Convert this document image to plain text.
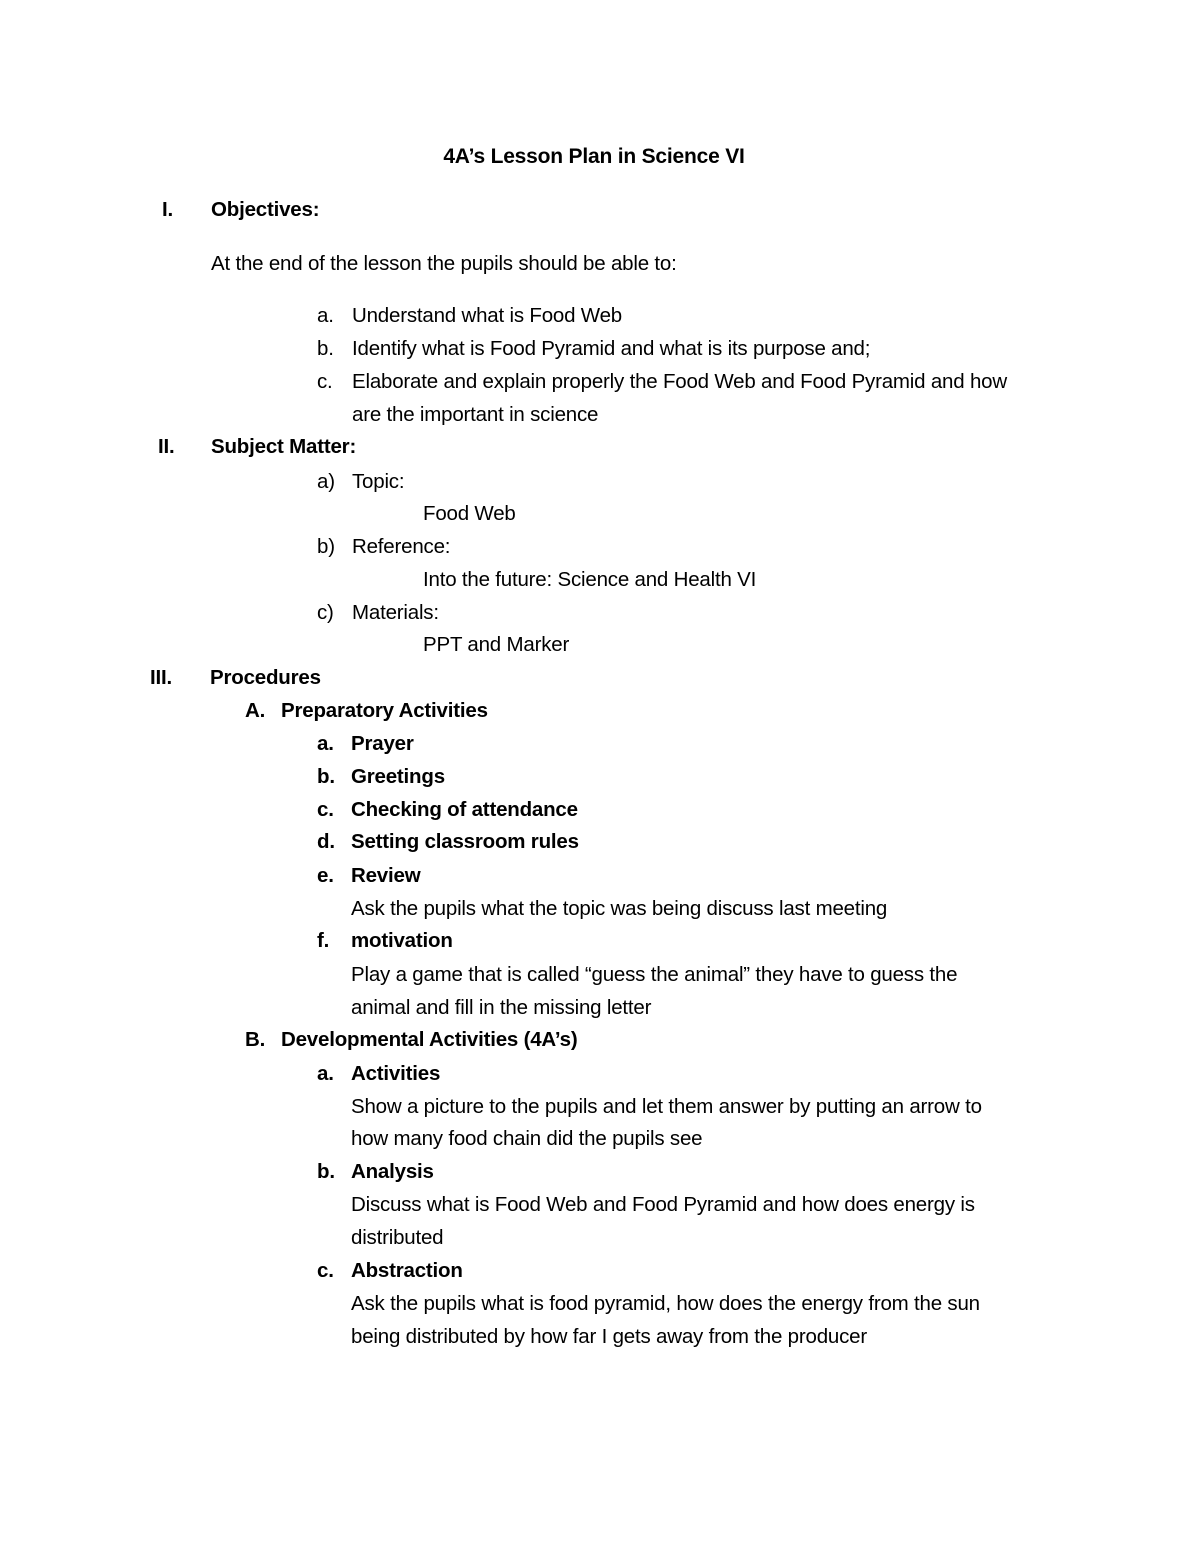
4A’s Lesson Plan in Science VI
I. Objectives:
At the end of the lesson the pupils should be able to:
a. Understand what is Food Web
b. Identify what is Food Pyramid and what is its purpose and;
c. Elaborate and explain properly the Food Web and Food Pyramid and how
are the important in science
II. Subject Matter:
a) Topic:
Food Web
b) Reference:
Into the future: Science and Health VI
c) Materials:
PPT and Marker
III. Procedures
A. Preparatory Activities
a. Prayer
b. Greetings
c. Checking of attendance
d. Setting classroom rules
e. Review
Ask the pupils what the topic was being discuss last meeting
f. motivation
Play a game that is called “guess the animal” they have to guess the
animal and fill in the missing letter
B. Developmental Activities (4A’s)
a. Activities
Show a picture to the pupils and let them answer by putting an arrow to
how many food chain did the pupils see
b. Analysis
Discuss what is Food Web and Food Pyramid and how does energy is
distributed
c. Abstraction
Ask the pupils what is food pyramid, how does the energy from the sun
being distributed by how far I gets away from the producer
